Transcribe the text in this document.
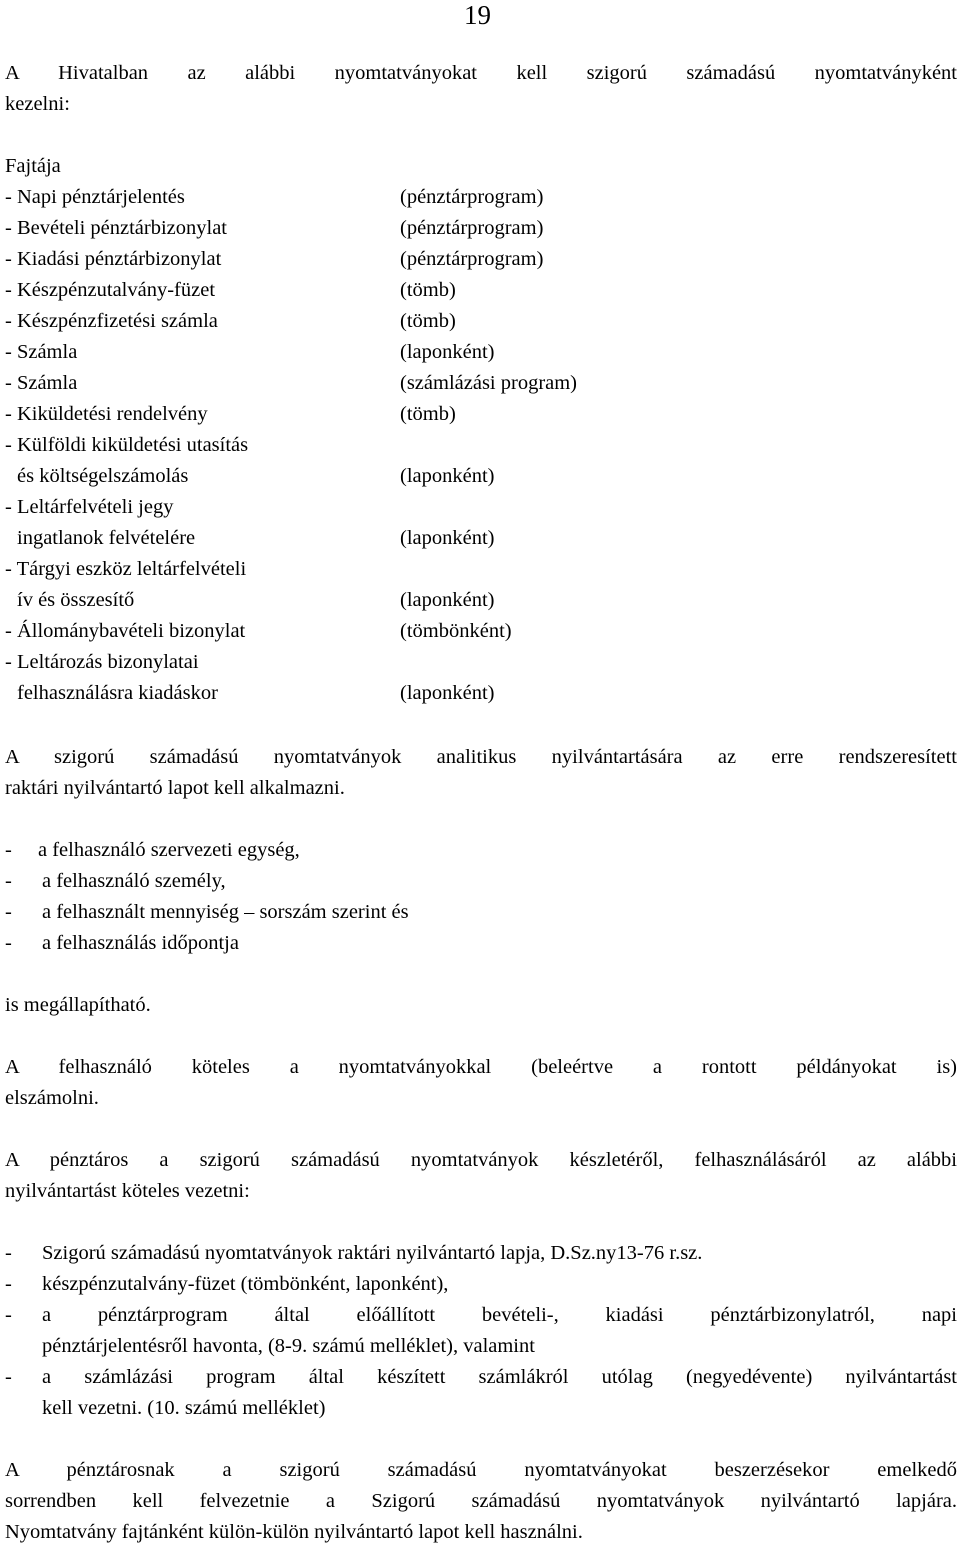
19
A Hivatalban az alábbi nyomtatványokat kell szigorú számadású nyomtatványként
kezelni:
Fajtája
- Napi pénztárjelentés	(pénztárprogram)
- Bevételi pénztárbizonylat	(pénztárprogram)
- Kiadási pénztárbizonylat	(pénztárprogram)
- Készpénzutalvány-füzet	(tömb)
- Készpénzfizetési számla	(tömb)
- Számla	(laponként)
- Számla	(számlázási program)
- Kiküldetési rendelvény	(tömb)
- Külföldi kiküldetési utasítás
és költségelszámolás	(laponként)
- Leltárfelvételi jegy
ingatlanok felvételére	(laponként)
- Tárgyi eszköz leltárfelvételi
ív és összesítő	(laponként)
- Állománybavételi bizonylat	(tömbönként)
- Leltározás bizonylatai
felhasználásra kiadáskor	(laponként)
A szigorú számadású nyomtatványok analitikus nyilvántartására az erre rendszeresített
raktári nyilvántartó lapot kell alkalmazni.
- a felhasználó szervezeti egység,
- a felhasználó személy,
- a felhasznált mennyiség – sorszám szerint és
- a felhasználás időpontja
is megállapítható.
A felhasználó köteles a nyomtatványokkal (beleértve a rontott példányokat is)
elszámolni.
A pénztáros a szigorú számadású nyomtatványok készletéről, felhasználásáról az alábbi
nyilvántartást köteles vezetni:
- Szigorú számadású nyomtatványok raktári nyilvántartó lapja, D.Sz.ny13-76 r.sz.
- készpénzutalvány-füzet (tömbönként, laponként),
- a pénztárprogram által előállított bevételi-, kiadási pénztárbizonylatról, napi
pénztárjelentésről havonta, (8-9. számú melléklet), valamint
- a számlázási program által készített számlákról utólag (negyedévente) nyilvántartást
kell vezetni. (10. számú melléklet)
A pénztárosnak a szigorú számadású nyomtatványokat beszerzésekor emelkedő
sorrendben kell felvezetnie a Szigorú számadású nyomtatványok nyilvántartó lapjára.
Nyomtatvány fajtánként külön-külön nyilvántartó lapot kell használni.
